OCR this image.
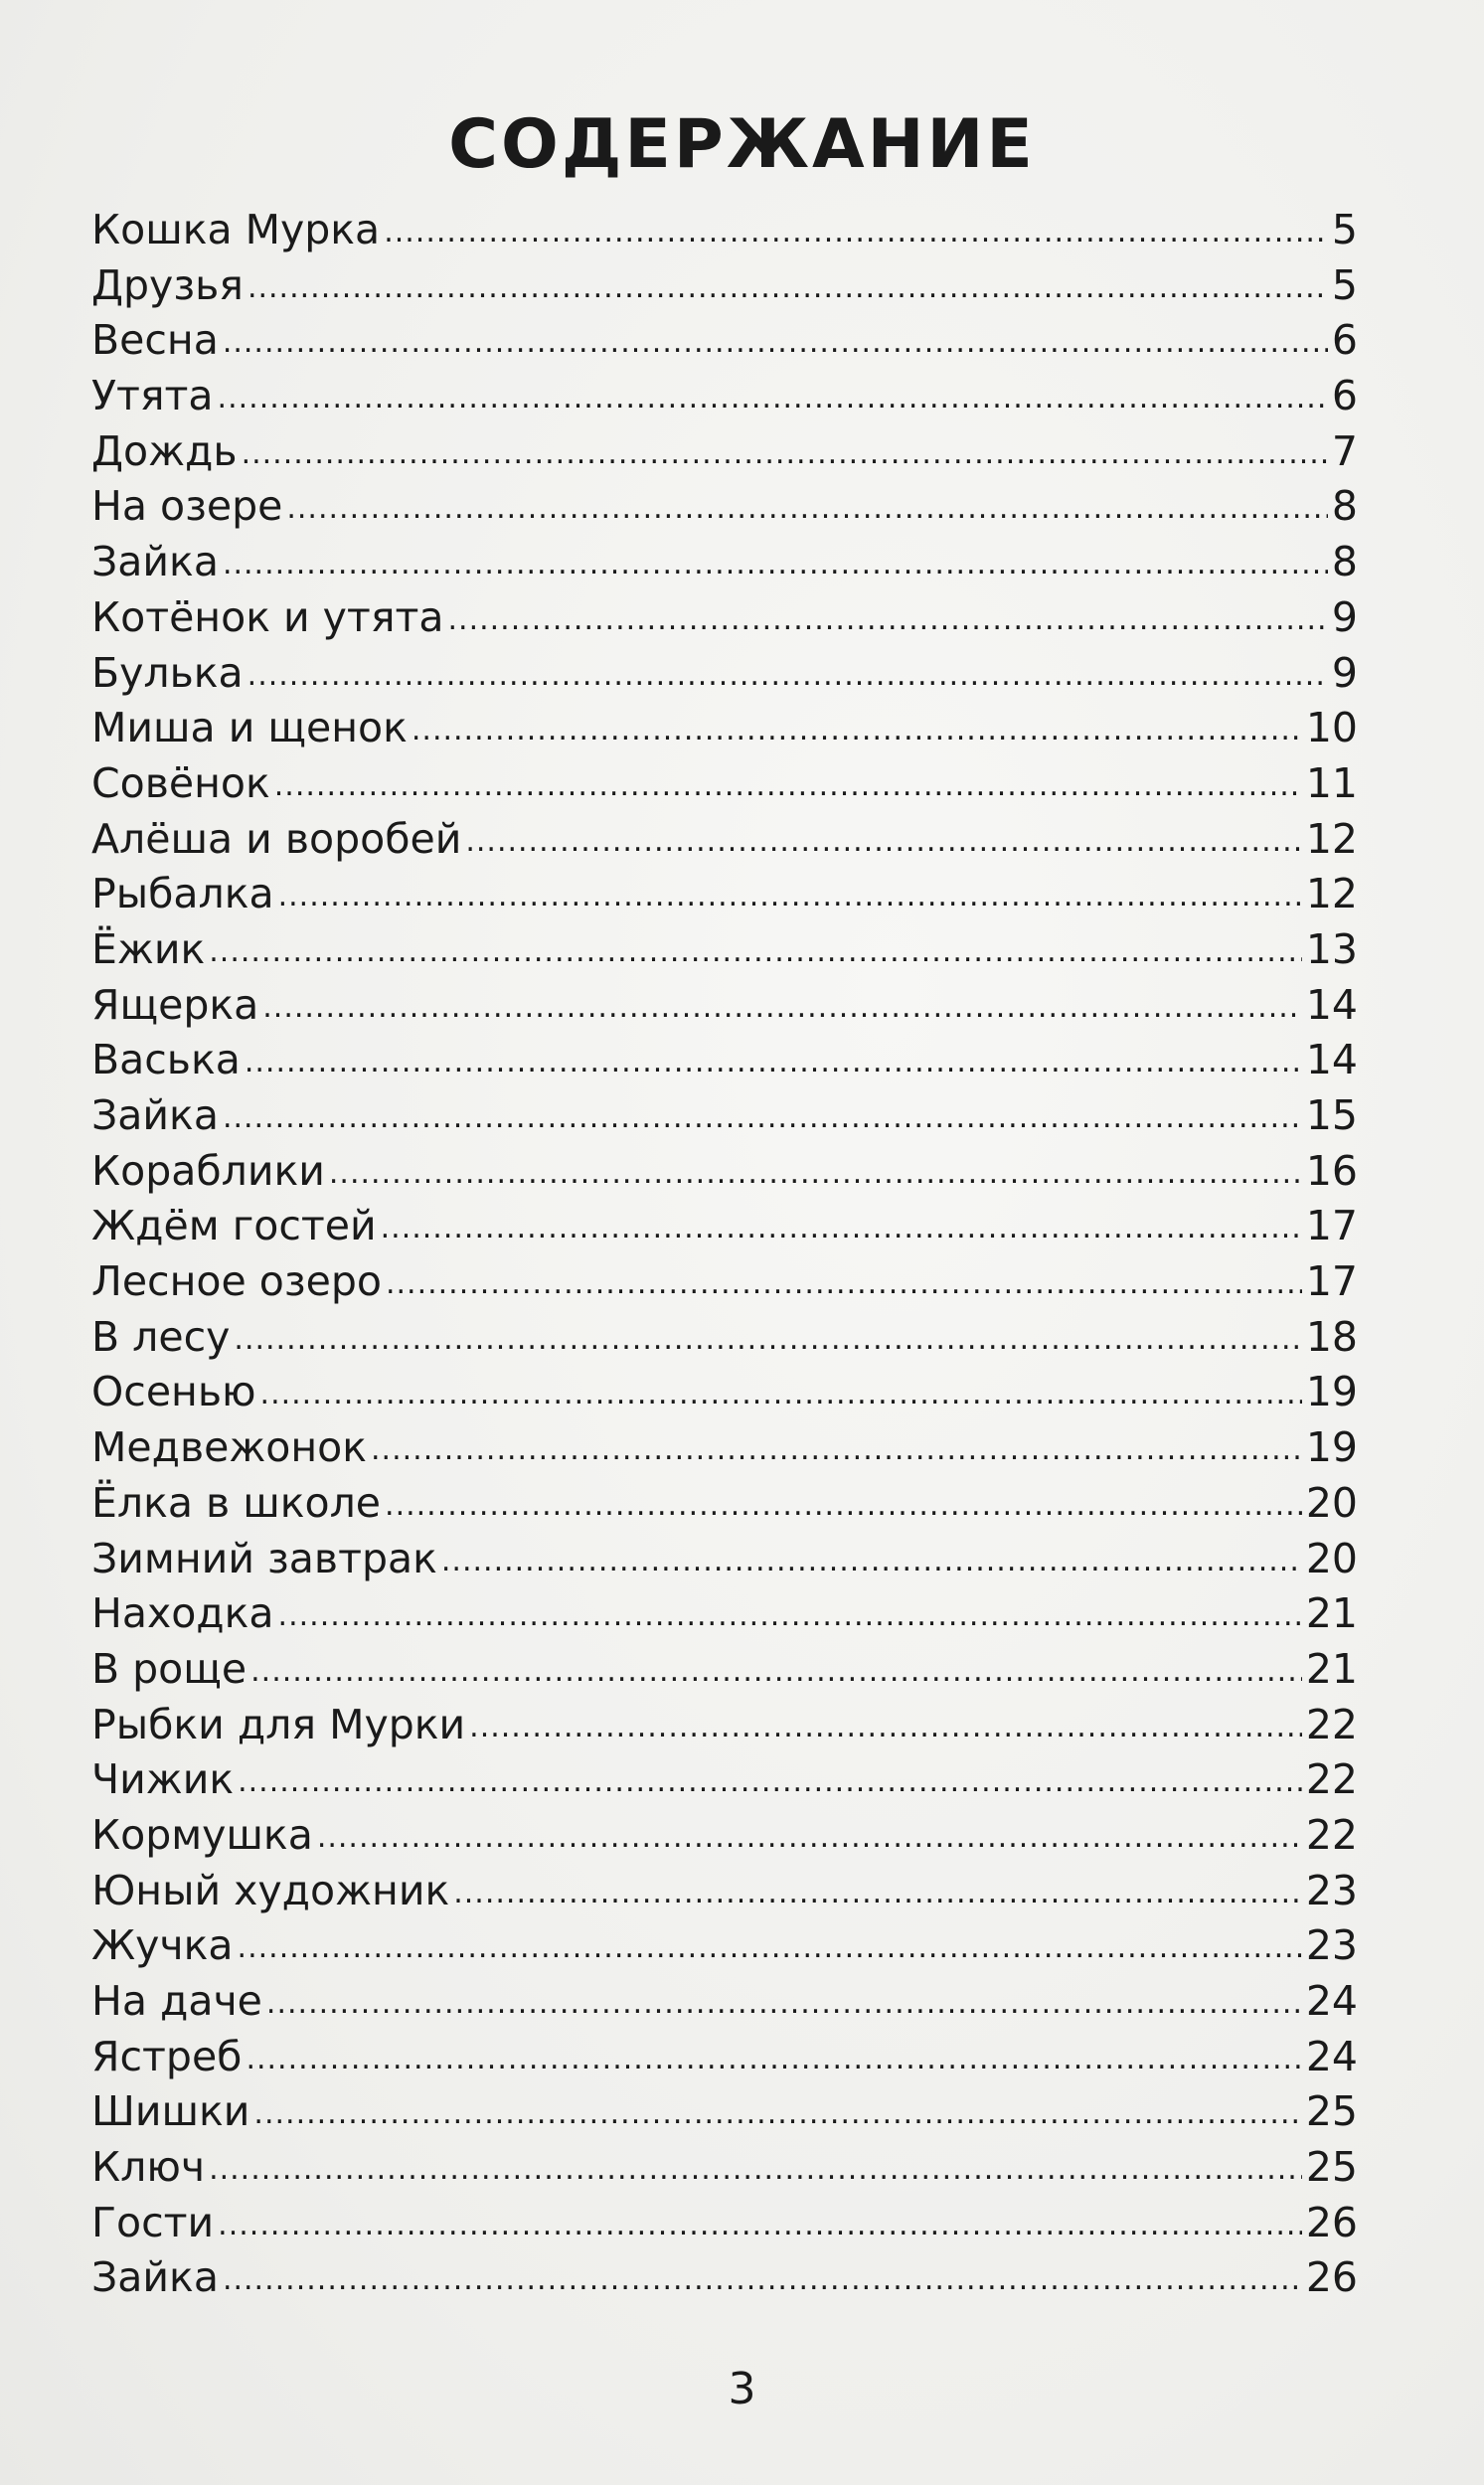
СОДЕРЖАНИЕ
Кошка Мурка .....	5
Друзья .....	5
Весна .....	6
Утята .....	6
Дождь .....	7
На озере .....	8
Зайка .....	8
Котёнок и утята .....	9
Булька .....	9
Миша и щенок .....	10
Совёнок .....	11
Алёша и воробей .....	12
Рыбалка .....	12
Ёжик .....	13
Ящерка .....	14
Васька .....	14
Зайка .....	15
Кораблики .....	16
Ждём гостей .....	17
Лесное озеро .....	17
В лесу .....	18
Осенью .....	19
Медвежонок .....	19
Ёлка в школе .....	20
Зимний завтрак .....	20
Находка .....	21
В роще .....	21
Рыбки для Мурки .....	22
Чижик .....	22
Кормушка .....	22
Юный художник .....	23
Жучка .....	23
На даче .....	24
Ястреб .....	24
Шишки .....	25
Ключ .....	25
Гости .....	26
Зайка .....	26
3
